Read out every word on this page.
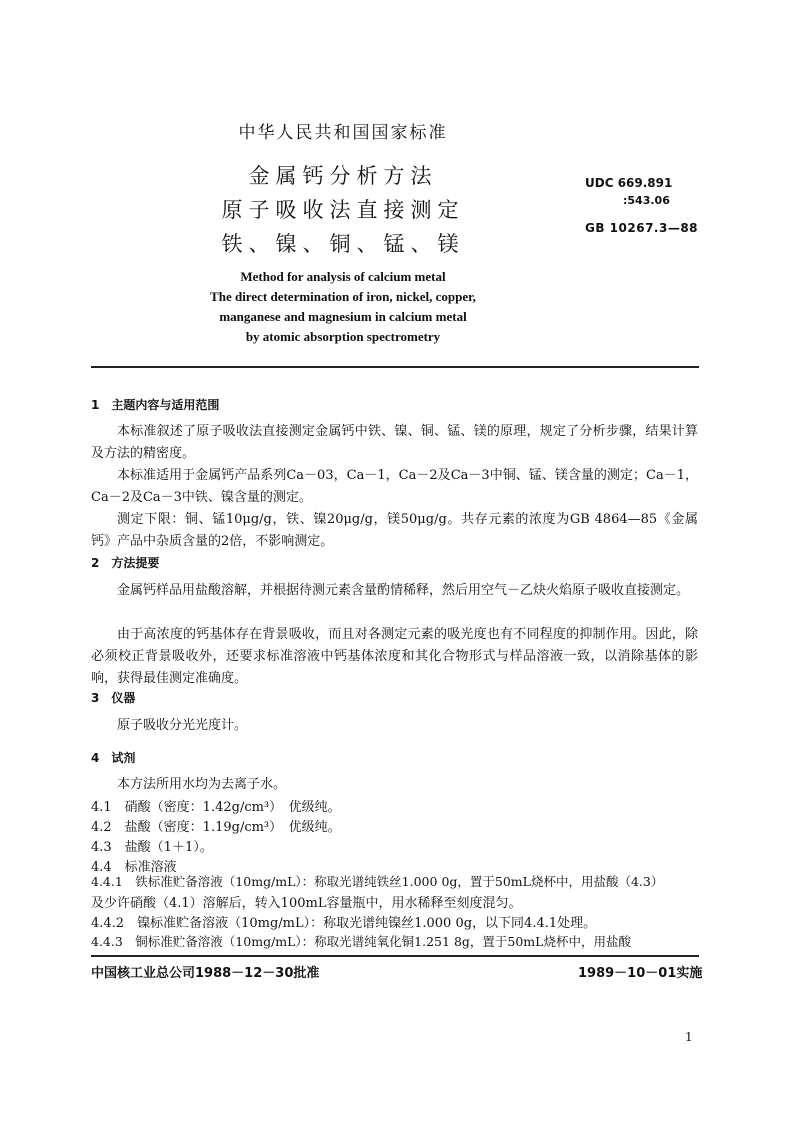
中华人民共和国国家标准
金属钙分析方法
原子吸收法直接测定
铁、镍、铜、锰、镁
UDC 669.891
:543.06
GB 10267.3—88
Method for analysis of calcium metal
The direct determination of iron, nickel, copper,
manganese and magnesium in calcium metal
by atomic absorption spectrometry
1　主题内容与适用范围
本标准叙述了原子吸收法直接测定金属钙中铁、镍、铜、锰、镁的原理，规定了分析步骤，结果计算及方法的精密度。
本标准适用于金属钙产品系列Ca－03，Ca－1，Ca－2及Ca－3中铜、锰、镁含量的测定；Ca－1，Ca－2及Ca－3中铁、镍含量的测定。
测定下限：铜、锰10μg/g，铁、镍20μg/g，镁50μg/g。共存元素的浓度为GB 4864—85《金属钙》产品中杂质含量的2倍，不影响测定。
2　方法提要
金属钙样品用盐酸溶解，并根据待测元素含量酌情稀释，然后用空气－乙炔火焰原子吸收直接测定。
由于高浓度的钙基体存在背景吸收，而且对各测定元素的吸光度也有不同程度的抑制作用。因此，除必须校正背景吸收外，还要求标准溶液中钙基体浓度和其化合物形式与样品溶液一致，以消除基体的影响，获得最佳测定准确度。
3　仪器
原子吸收分光光度计。
4　试剂
本方法所用水均为去离子水。
4.1　硝酸（密度：1.42g/cm³）　优级纯。
4.2　盐酸（密度：1.19g/cm³）　优级纯。
4.3　盐酸（1＋1）。
4.4　标准溶液
4.4.1　铁标准贮备溶液（10mg/mL）：称取光谱纯铁丝1.000 0g，置于50mL烧杯中，用盐酸（4.3）
及少许硝酸（4.1）溶解后，转入100mL容量瓶中，用水稀释至刻度混匀。
4.4.2　镍标准贮备溶液（10mg/mL）：称取光谱纯镍丝1.000 0g，以下同4.4.1处理。
4.4.3　铜标准贮备溶液（10mg/mL）：称取光谱纯氧化铜1.251 8g，置于50mL烧杯中，用盐酸
中国核工业总公司1988－12－30批准	1989－10－01实施
1
